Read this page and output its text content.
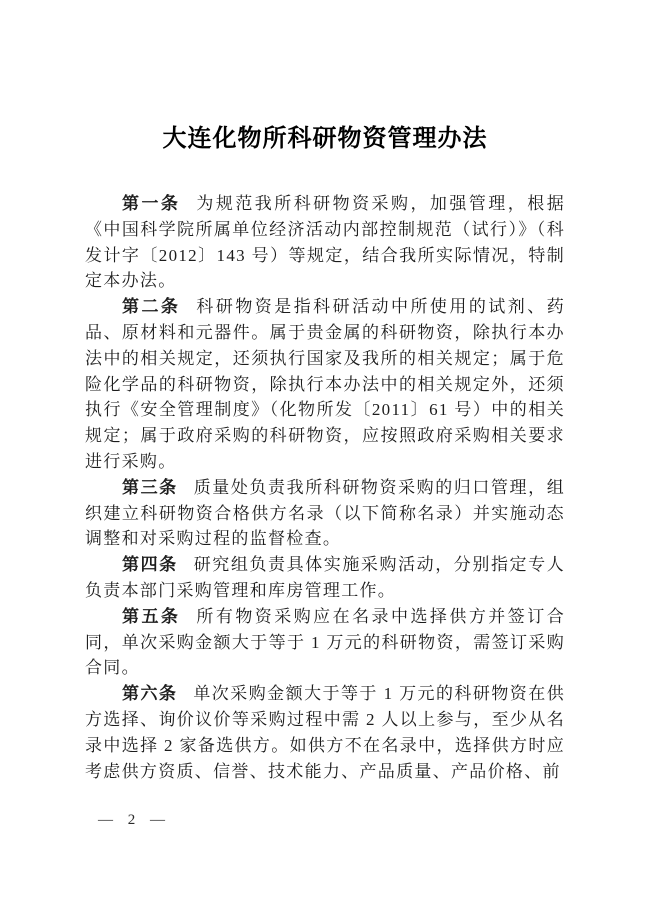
大连化物所科研物资管理办法

第一条 为规范我所科研物资采购，加强管理，根据《中国科学院所属单位经济活动内部控制规范（试行）》（科发计字〔2012〕143 号）等规定，结合我所实际情况，特制定本办法。

第二条 科研物资是指科研活动中所使用的试剂、药品、原材料和元器件。属于贵金属的科研物资，除执行本办法中的相关规定，还须执行国家及我所的相关规定；属于危险化学品的科研物资，除执行本办法中的相关规定外，还须执行《安全管理制度》（化物所发〔2011〕61 号）中的相关规定；属于政府采购的科研物资，应按照政府采购相关要求进行采购。

第三条 质量处负责我所科研物资采购的归口管理，组织建立科研物资合格供方名录（以下简称名录）并实施动态调整和对采购过程的监督检查。

第四条 研究组负责具体实施采购活动，分别指定专人负责本部门采购管理和库房管理工作。

第五条 所有物资采购应在名录中选择供方并签订合同，单次采购金额大于等于 1 万元的科研物资，需签订采购合同。

第六条 单次采购金额大于等于 1 万元的科研物资在供方选择、询价议价等采购过程中需 2 人以上参与，至少从名录中选择 2 家备选供方。如供方不在名录中，选择供方时应考虑供方资质、信誉、技术能力、产品质量、产品价格、前

— 2 —
